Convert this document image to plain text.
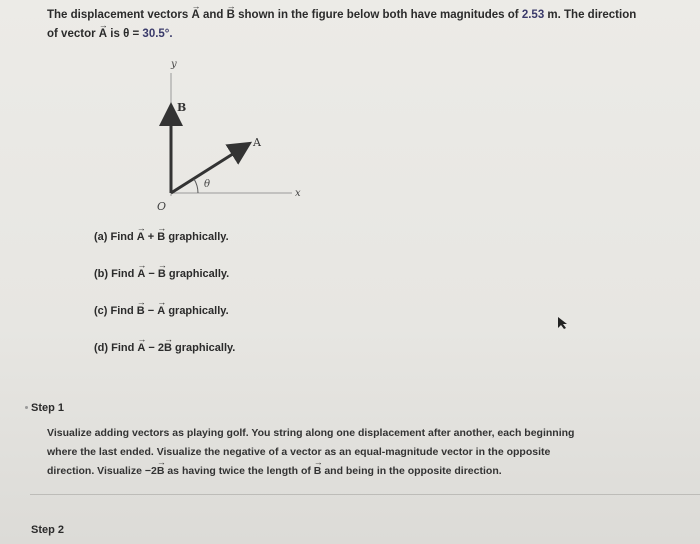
The displacement vectors → A and → B shown in the figure below both have magnitudes of 2.53 m. The direction
of vector → A is θ = 30.5°.
y
x
O
B
A
θ
(a) Find → A + → B graphically.
(b) Find → A − → B graphically.
(c) Find → B − → A graphically.
(d) Find → A − 2→ B graphically.
Step 1
Visualize adding vectors as playing golf. You string along one displacement after another, each beginning
where the last ended. Visualize the negative of a vector as an equal-magnitude vector in the opposite
direction. Visualize −2→ B as having twice the length of → B and being in the opposite direction.
Step 2
